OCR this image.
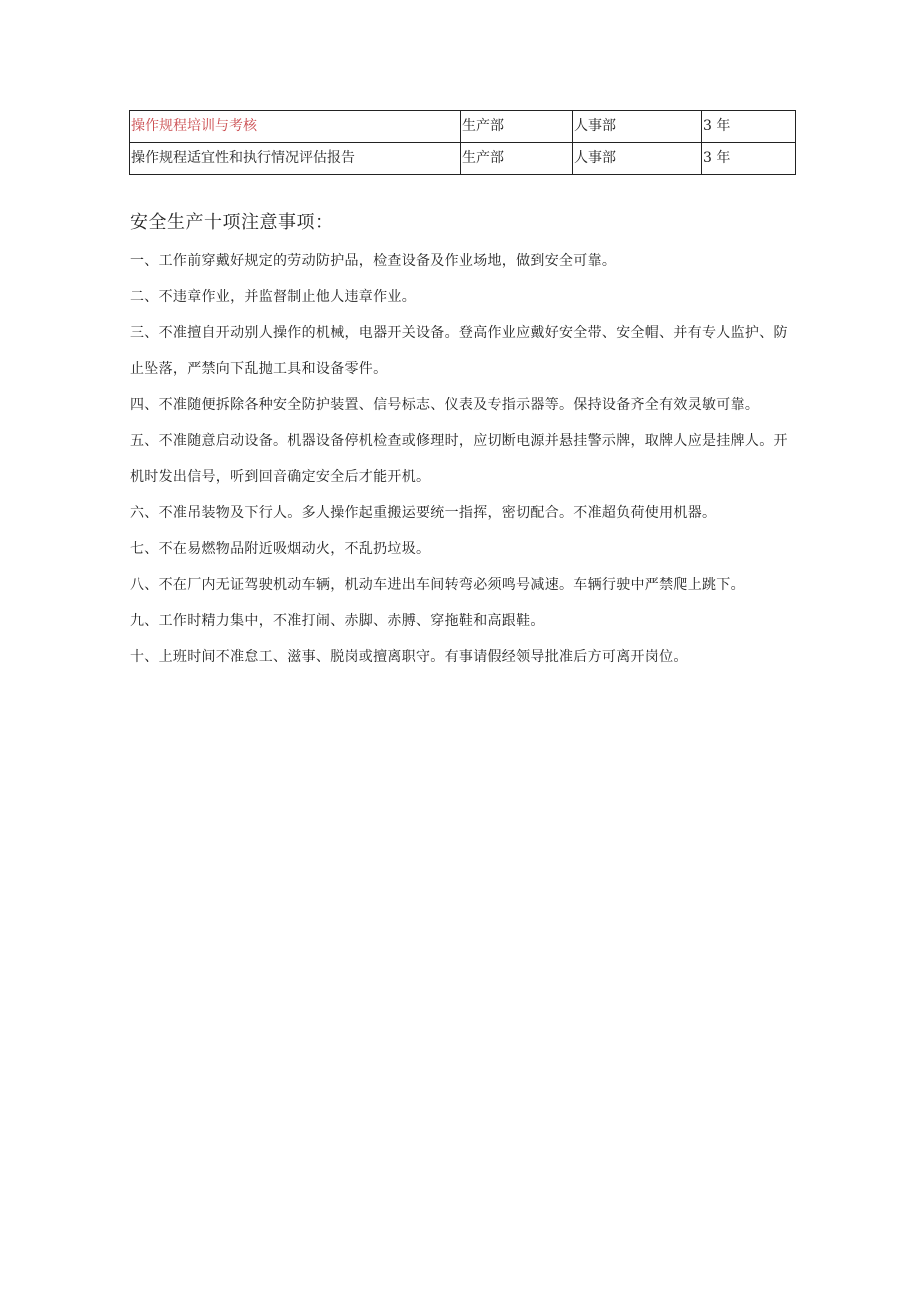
操作规程培训与考核	生产部	人事部	3 年
操作规程适宜性和执行情况评估报告	生产部	人事部	3 年
安全生产十项注意事项：

一、工作前穿戴好规定的劳动防护品，检查设备及作业场地，做到安全可靠。

二、不违章作业，并监督制止他人违章作业。

三、不准擅自开动别人操作的机械，电器开关设备。登高作业应戴好安全带、安全帽、并有专人监护、防止坠落，严禁向下乱抛工具和设备零件。

四、不准随便拆除各种安全防护装置、信号标志、仪表及专指示器等。保持设备齐全有效灵敏可靠。

五、不准随意启动设备。机器设备停机检查或修理时，应切断电源并悬挂警示牌，取牌人应是挂牌人。开机时发出信号，听到回音确定安全后才能开机。

六、不准吊装物及下行人。多人操作起重搬运要统一指挥，密切配合。不准超负荷使用机器。

七、不在易燃物品附近吸烟动火，不乱扔垃圾。

八、不在厂内无证驾驶机动车辆，机动车进出车间转弯必须鸣号减速。车辆行驶中严禁爬上跳下。

九、工作时精力集中，不准打闹、赤脚、赤膊、穿拖鞋和高跟鞋。

十、上班时间不准怠工、滋事、脱岗或擅离职守。有事请假经领导批准后方可离开岗位。
